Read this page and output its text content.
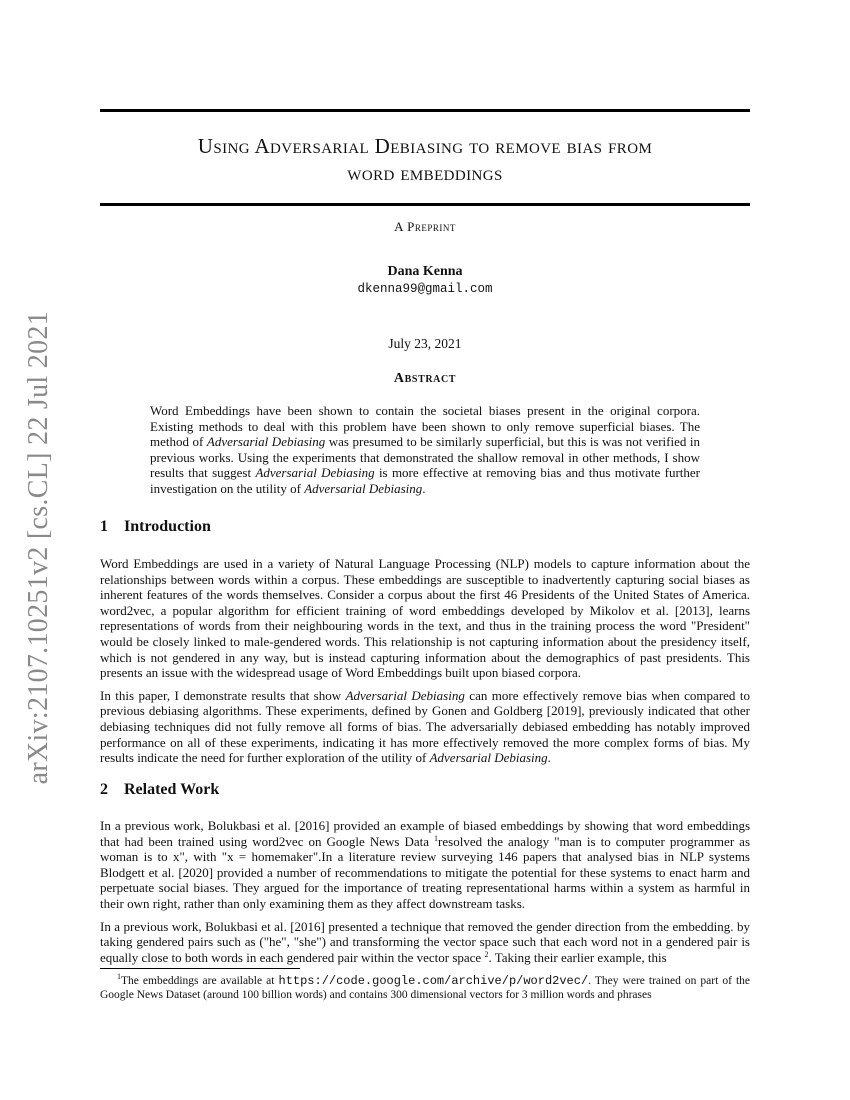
arXiv:2107.10251v2 [cs.CL] 22 Jul 2021
Using Adversarial Debiasing to remove bias from
word embeddings
A Preprint
Dana Kenna
dkenna99@gmail.com
July 23, 2021
Abstract

Word Embeddings have been shown to contain the societal biases present in the original corpora. Existing methods to deal with this problem have been shown to only remove superficial biases. The method of Adversarial Debiasing was presumed to be similarly superficial, but this is was not verified in previous works. Using the experiments that demonstrated the shallow removal in other methods, I show results that suggest Adversarial Debiasing is more effective at removing bias and thus motivate further investigation on the utility of Adversarial Debiasing.

1 Introduction

Word Embeddings are used in a variety of Natural Language Processing (NLP) models to capture information about the relationships between words within a corpus. These embeddings are susceptible to inadvertently capturing social biases as inherent features of the words themselves. Consider a corpus about the first 46 Presidents of the United States of America. word2vec, a popular algorithm for efficient training of word embeddings developed by Mikolov et al. [2013], learns representations of words from their neighbouring words in the text, and thus in the training process the word "President" would be closely linked to male-gendered words. This relationship is not capturing information about the presidency itself, which is not gendered in any way, but is instead capturing information about the demographics of past presidents. This presents an issue with the widespread usage of Word Embeddings built upon biased corpora.

In this paper, I demonstrate results that show Adversarial Debiasing can more effectively remove bias when compared to previous debiasing algorithms. These experiments, defined by Gonen and Goldberg [2019], previously indicated that other debiasing techniques did not fully remove all forms of bias. The adversarially debiased embedding has notably improved performance on all of these experiments, indicating it has more effectively removed the more complex forms of bias. My results indicate the need for further exploration of the utility of Adversarial Debiasing.

2 Related Work

In a previous work, Bolukbasi et al. [2016] provided an example of biased embeddings by showing that word embeddings that had been trained using word2vec on Google News Data $^1$resolved the analogy "man is to computer programmer as woman is to x", with "x = homemaker".In a literature review surveying 146 papers that analysed bias in NLP systems Blodgett et al. [2020] provided a number of recommendations to mitigate the potential for these systems to enact harm and perpetuate social biases. They argued for the importance of treating representational harms within a system as harmful in their own right, rather than only examining them as they affect downstream tasks.

In a previous work, Bolukbasi et al. [2016] presented a technique that removed the gender direction from the embedding. by taking gendered pairs such as ("he", "she") and transforming the vector space such that each word not in a gendered pair is equally close to both words in each gendered pair within the vector space $^2$. Taking their earlier example, this

$^1$The embeddings are available at https://code.google.com/archive/p/word2vec/. They were trained on part of the Google News Dataset (around 100 billion words) and contains 300 dimensional vectors for 3 million words and phrases
